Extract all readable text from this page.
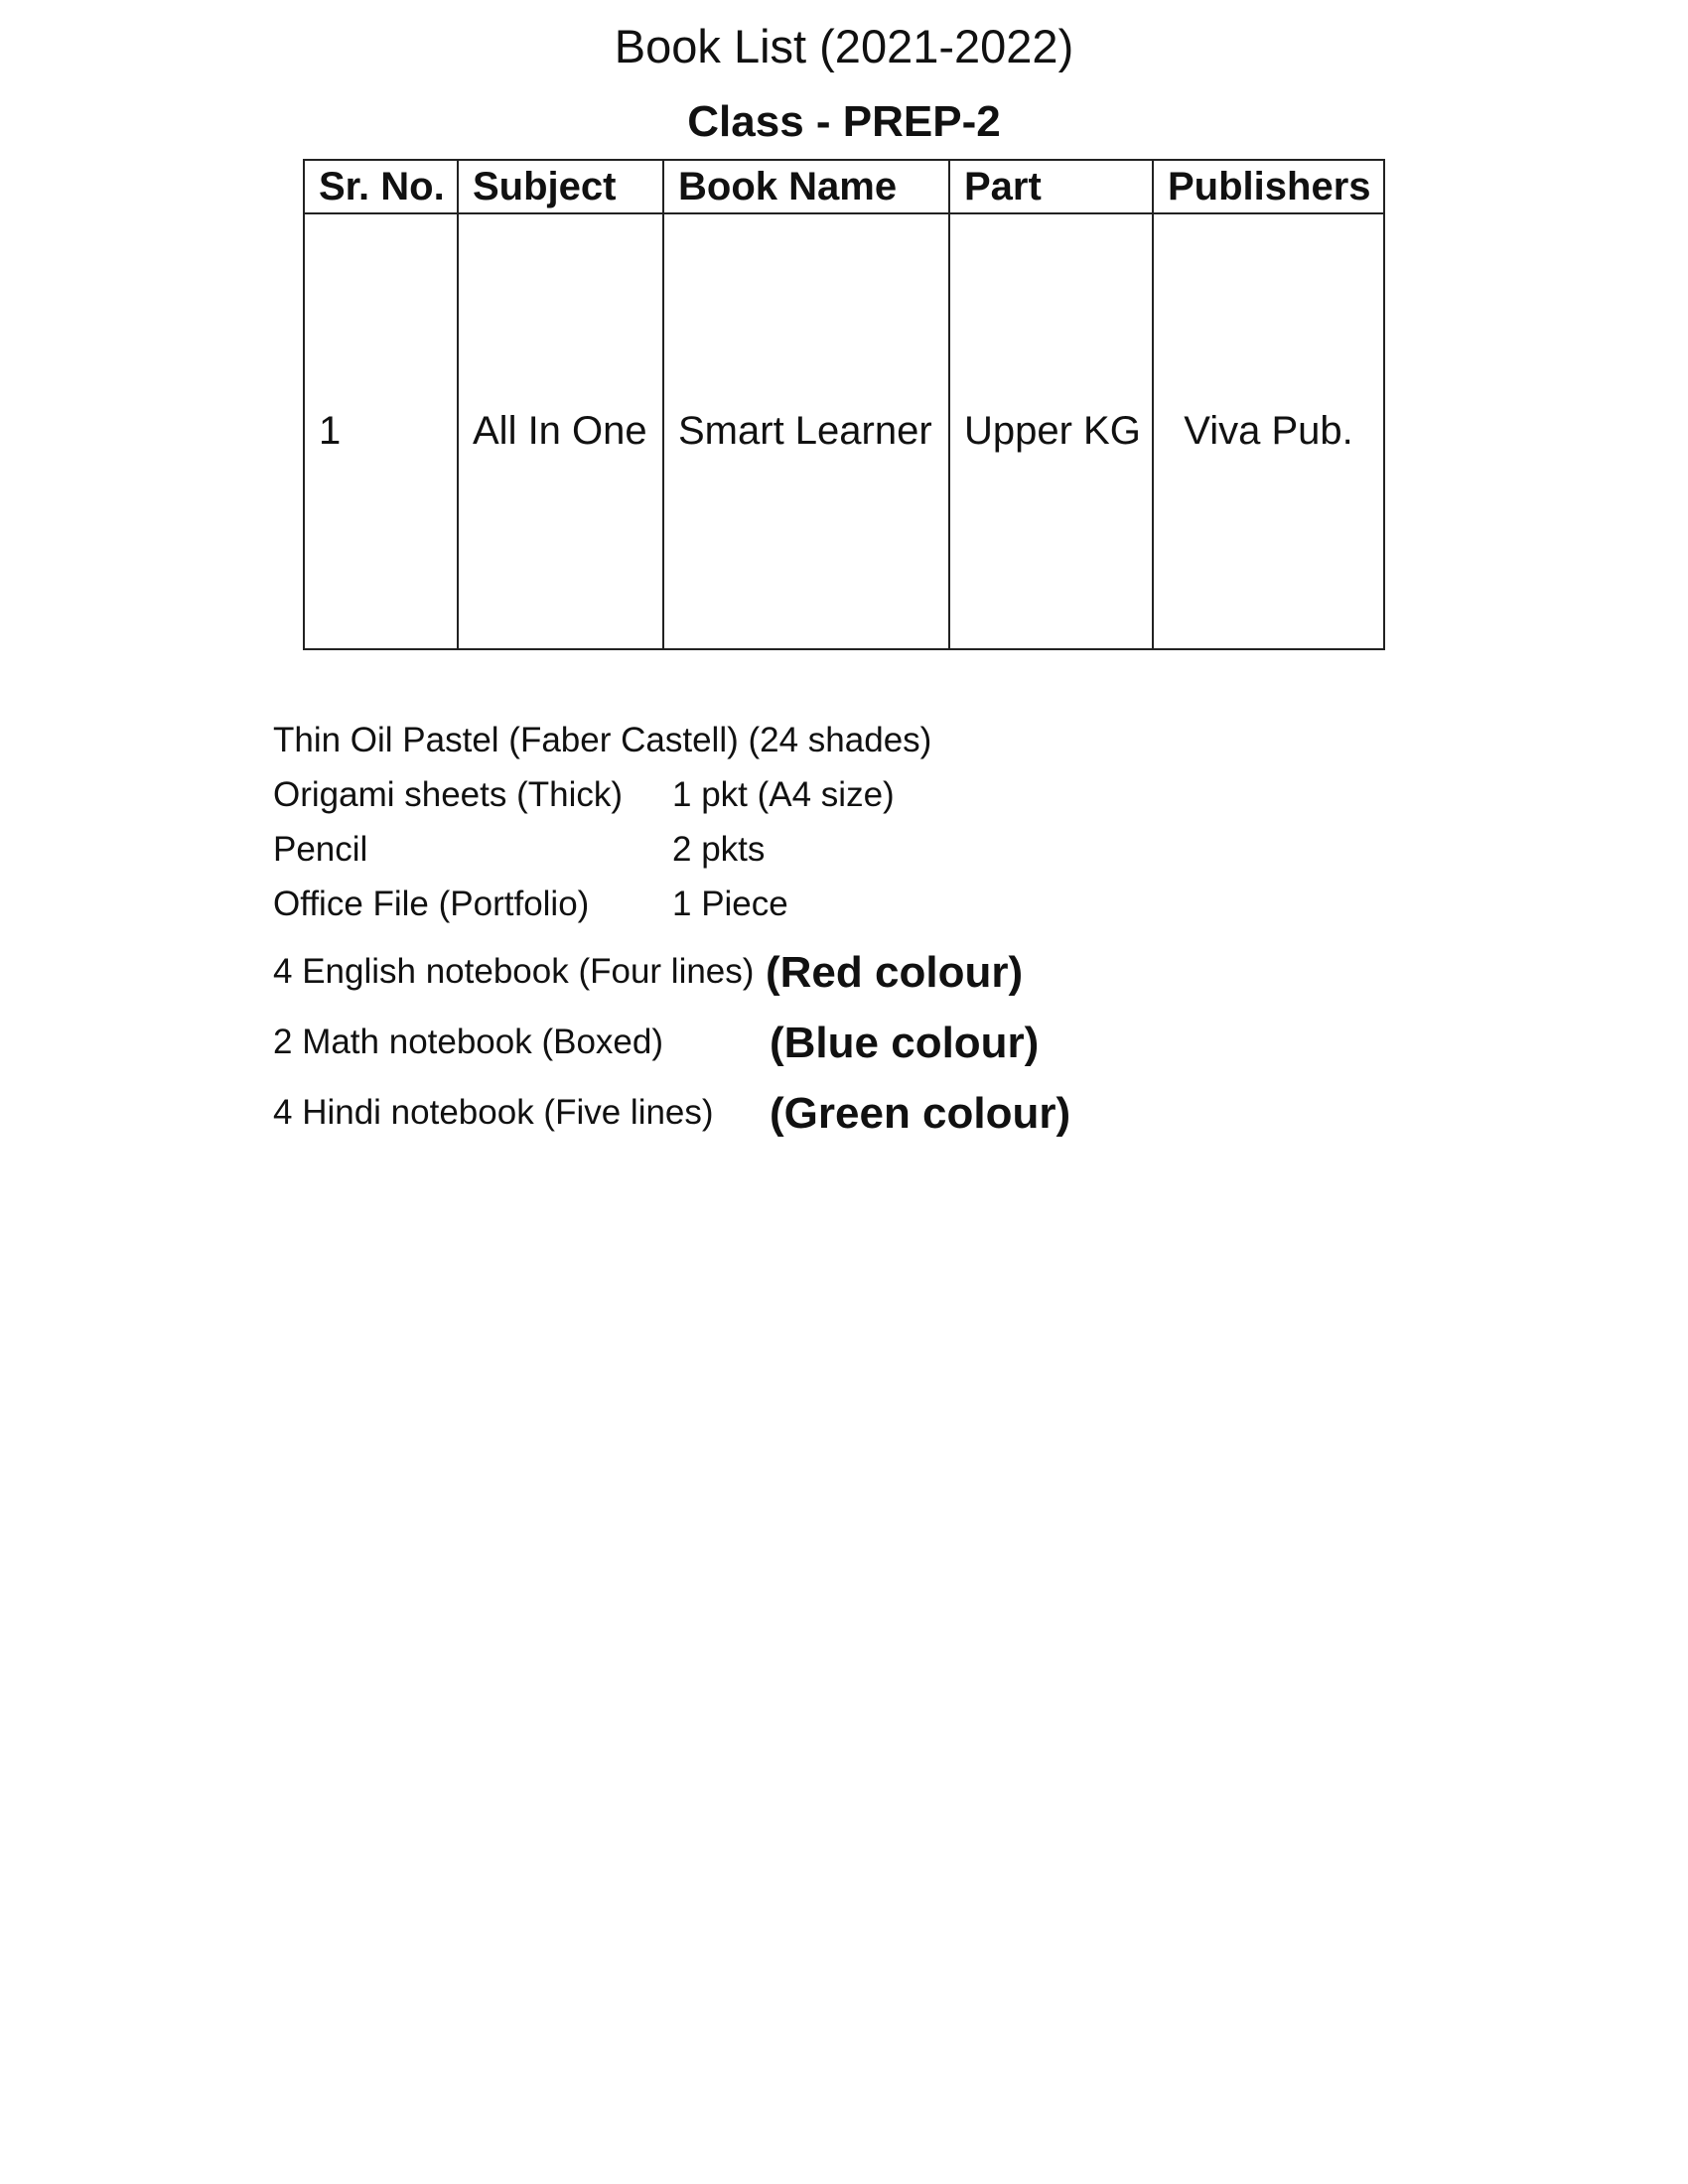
Book List (2021-2022)
Class - PREP-2
Sr. No.	Subject	Book Name	Part	Publishers
1	All In One	Smart Learner	Upper KG	Viva Pub.
Thin Oil Pastel (Faber Castell) (24 shades)
Origami sheets (Thick) 1 pkt (A4 size)
Pencil	2 pkts
Office File (Portfolio) 1 Piece
4 English notebook (Four lines) (Red colour)
2 Math notebook (Boxed) (Blue colour)
4 Hindi notebook (Five lines) (Green colour)
